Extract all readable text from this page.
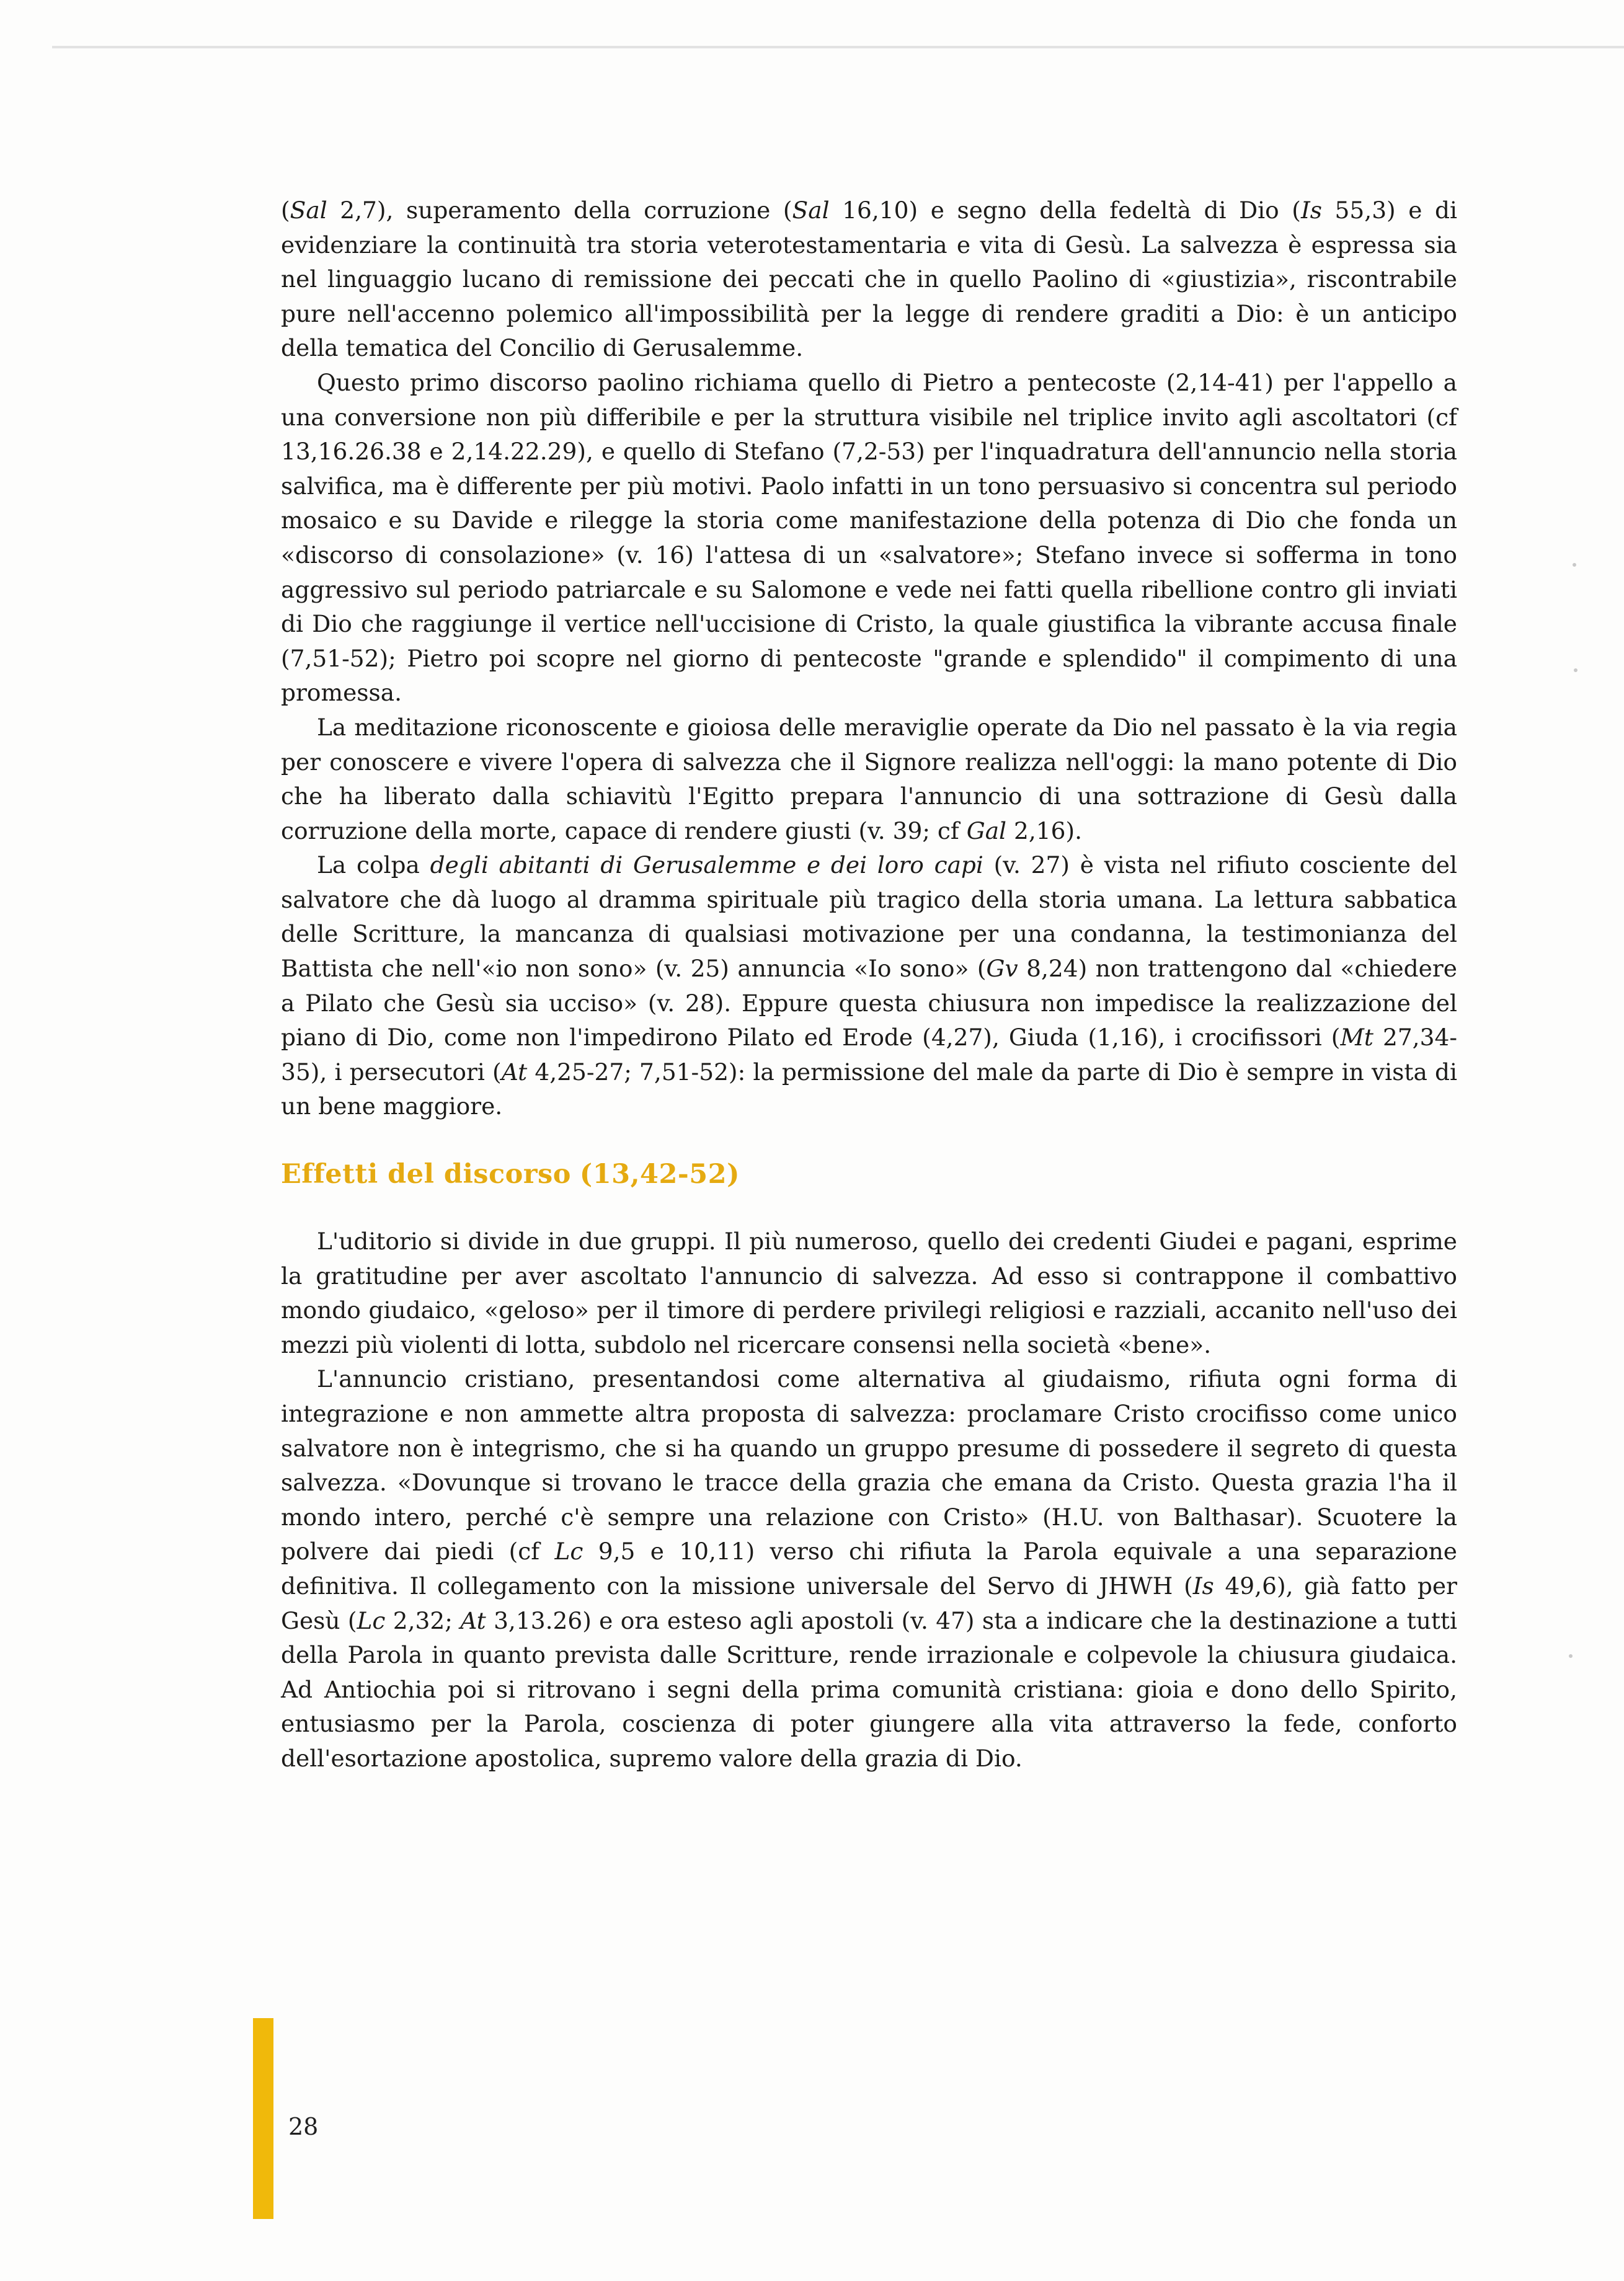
(Sal 2,7), superamento della corruzione (Sal 16,10) e segno della fedeltà di Dio (Is 55,3) e di evidenziare la continuità tra storia veterotestamentaria e vita di Gesù. La salvezza è espressa sia nel linguaggio lucano di remissione dei peccati che in quello Paolino di «giustizia», riscontrabile pure nell'accenno polemico all'impossibilità per la legge di rendere graditi a Dio: è un anticipo della tematica del Concilio di Gerusalemme.

Questo primo discorso paolino richiama quello di Pietro a pentecoste (2,14-41) per l'appello a una conversione non più differibile e per la struttura visibile nel triplice invito agli ascoltatori (cf 13,16.26.38 e 2,14.22.29), e quello di Stefano (7,2-53) per l'inquadratura dell'annuncio nella storia salvifica, ma è differente per più motivi. Paolo infatti in un tono persuasivo si concentra sul periodo mosaico e su Davide e rilegge la storia come manifestazione della potenza di Dio che fonda un «discorso di consolazione» (v. 16) l'attesa di un «salvatore»; Stefano invece si sofferma in tono aggressivo sul periodo patriarcale e su Salomone e vede nei fatti quella ribellione contro gli inviati di Dio che raggiunge il vertice nell'uccisione di Cristo, la quale giustifica la vibrante accusa finale (7,51-52); Pietro poi scopre nel giorno di pentecoste "grande e splendido" il compimento di una promessa.

La meditazione riconoscente e gioiosa delle meraviglie operate da Dio nel passato è la via regia per conoscere e vivere l'opera di salvezza che il Signore realizza nell'oggi: la mano potente di Dio che ha liberato dalla schiavitù l'Egitto prepara l'annuncio di una sottrazione di Gesù dalla corruzione della morte, capace di rendere giusti (v. 39; cf Gal 2,16).

La colpa degli abitanti di Gerusalemme e dei loro capi (v. 27) è vista nel rifiuto cosciente del salvatore che dà luogo al dramma spirituale più tragico della storia umana. La lettura sabbatica delle Scritture, la mancanza di qualsiasi motivazione per una condanna, la testimonianza del Battista che nell'«io non sono» (v. 25) annuncia «Io sono» (Gv 8,24) non trattengono dal «chiedere a Pilato che Gesù sia ucciso» (v. 28). Eppure questa chiusura non impedisce la realizzazione del piano di Dio, come non l'impedirono Pilato ed Erode (4,27), Giuda (1,16), i crocifissori (Mt 27,34-35), i persecutori (At 4,25-27; 7,51-52): la permissione del male da parte di Dio è sempre in vista di un bene maggiore.

Effetti del discorso (13,42-52)

L'uditorio si divide in due gruppi. Il più numeroso, quello dei credenti Giudei e pagani, esprime la gratitudine per aver ascoltato l'annuncio di salvezza. Ad esso si contrappone il combattivo mondo giudaico, «geloso» per il timore di perdere privilegi religiosi e razziali, accanito nell'uso dei mezzi più violenti di lotta, subdolo nel ricercare consensi nella società «bene».

L'annuncio cristiano, presentandosi come alternativa al giudaismo, rifiuta ogni forma di integrazione e non ammette altra proposta di salvezza: proclamare Cristo crocifisso come unico salvatore non è integrismo, che si ha quando un gruppo presume di possedere il segreto di questa salvezza. «Dovunque si trovano le tracce della grazia che emana da Cristo. Questa grazia l'ha il mondo intero, perché c'è sempre una relazione con Cristo» (H.U. von Balthasar). Scuotere la polvere dai piedi (cf Lc 9,5 e 10,11) verso chi rifiuta la Parola equivale a una separazione definitiva. Il collegamento con la missione universale del Servo di JHWH (Is 49,6), già fatto per Gesù (Lc 2,32; At 3,13.26) e ora esteso agli apostoli (v. 47) sta a indicare che la destinazione a tutti della Parola in quanto prevista dalle Scritture, rende irrazionale e colpevole la chiusura giudaica. Ad Antiochia poi si ritrovano i segni della prima comunità cristiana: gioia e dono dello Spirito, entusiasmo per la Parola, coscienza di poter giungere alla vita attraverso la fede, conforto dell'esortazione apostolica, supremo valore della grazia di Dio.

28
